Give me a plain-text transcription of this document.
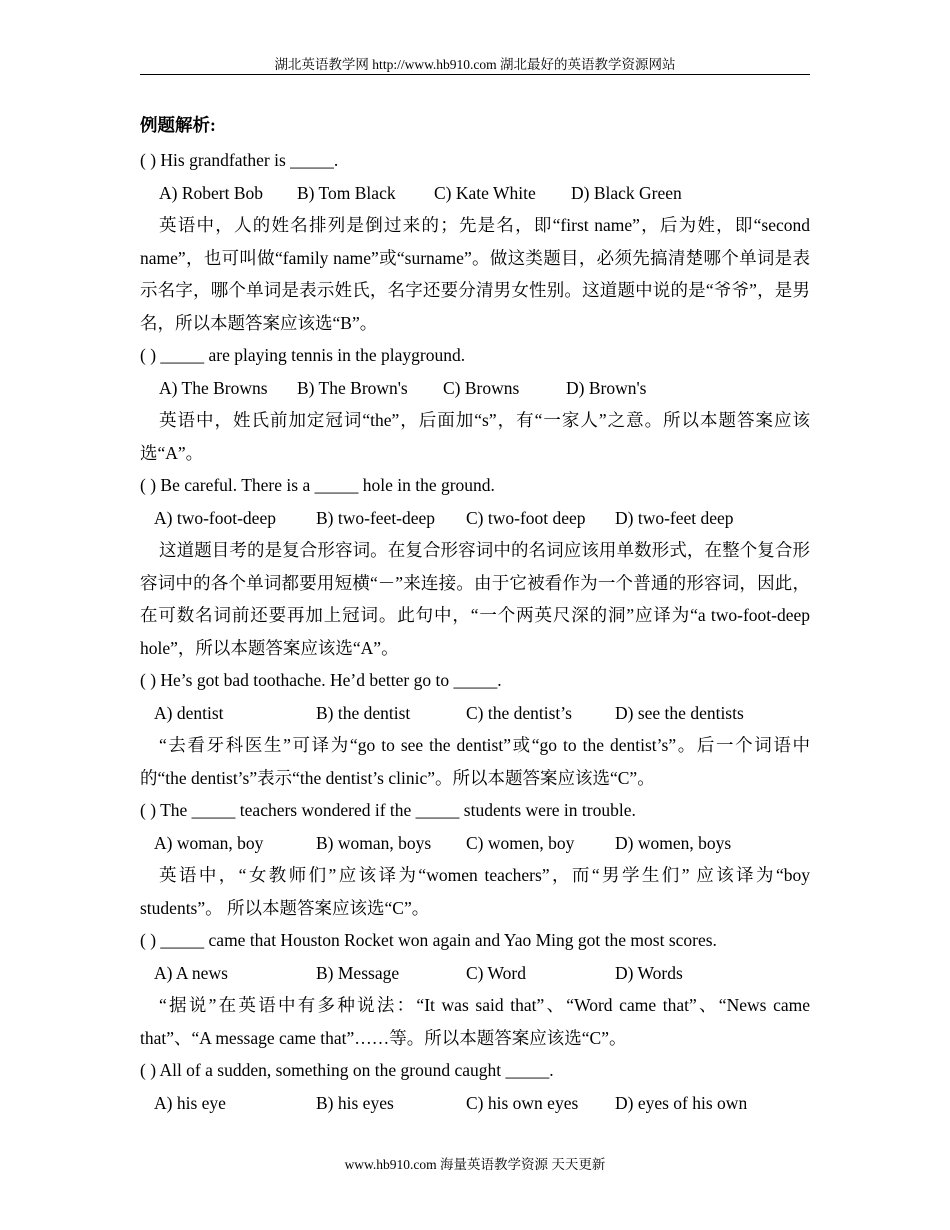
湖北英语教学网 http://www.hb910.com 湖北最好的英语教学资源网站
例题解析:
( ) His grandfather is _____.
A) Robert Bob B) Tom Black C) Kate White D) Black Green
英语中，人的姓名排列是倒过来的；先是名，即“first name”，后为姓，即“second name”，也可叫做“family name”或“surname”。做这类题目，必须先搞清楚哪个单词是表示名字，哪个单词是表示姓氏，名字还要分清男女性别。这道题中说的是“爷爷”，是男名，所以本题答案应该选“B”。
( ) _____ are playing tennis in the playground.
A) The Browns B) The Brown's C) Browns	D) Brown's
英语中，姓氏前加定冠词“the”，后面加“s”，有“一家人”之意。所以本题答案应该选“A”。
( ) Be careful. There is a _____ hole in the ground.
A) two-foot-deep B) two-feet-deep C) two-foot deep D) two-feet deep
这道题目考的是复合形容词。在复合形容词中的名词应该用单数形式，在整个复合形容词中的各个单词都要用短横“－”来连接。由于它被看作为一个普通的形容词，因此，在可数名词前还要再加上冠词。此句中，“一个两英尺深的洞”应译为“a two-foot-deep hole”，所以本题答案应该选“A”。
( ) He’s got bad toothache. He’d better go to _____.
A) dentist	B) the dentist	C) the dentist’s D) see the dentists
“去看牙科医生”可译为“go to see the dentist”或“go to the dentist’s”。后一个词语中的“the dentist’s”表示“the dentist’s clinic”。所以本题答案应该选“C”。
( ) The _____ teachers wondered if the _____ students were in trouble.
A) woman, boy	B) woman, boys C) women, boy D) women, boys
英语中，“女教师们”应该译为“women teachers”，而“男学生们” 应该译为“boy students”。 所以本题答案应该选“C”。
( ) _____ came that Houston Rocket won again and Yao Ming got the most scores.
A) A news	B) Message	C) Word	D) Words
“据说”在英语中有多种说法：“It was said that”、“Word came that”、“News came that”、“A message came that”……等。所以本题答案应该选“C”。
( ) All of a sudden, something on the ground caught _____.
A) his eye	B) his eyes	C) his own eyes D) eyes of his own
www.hb910.com 海量英语教学资源 天天更新
